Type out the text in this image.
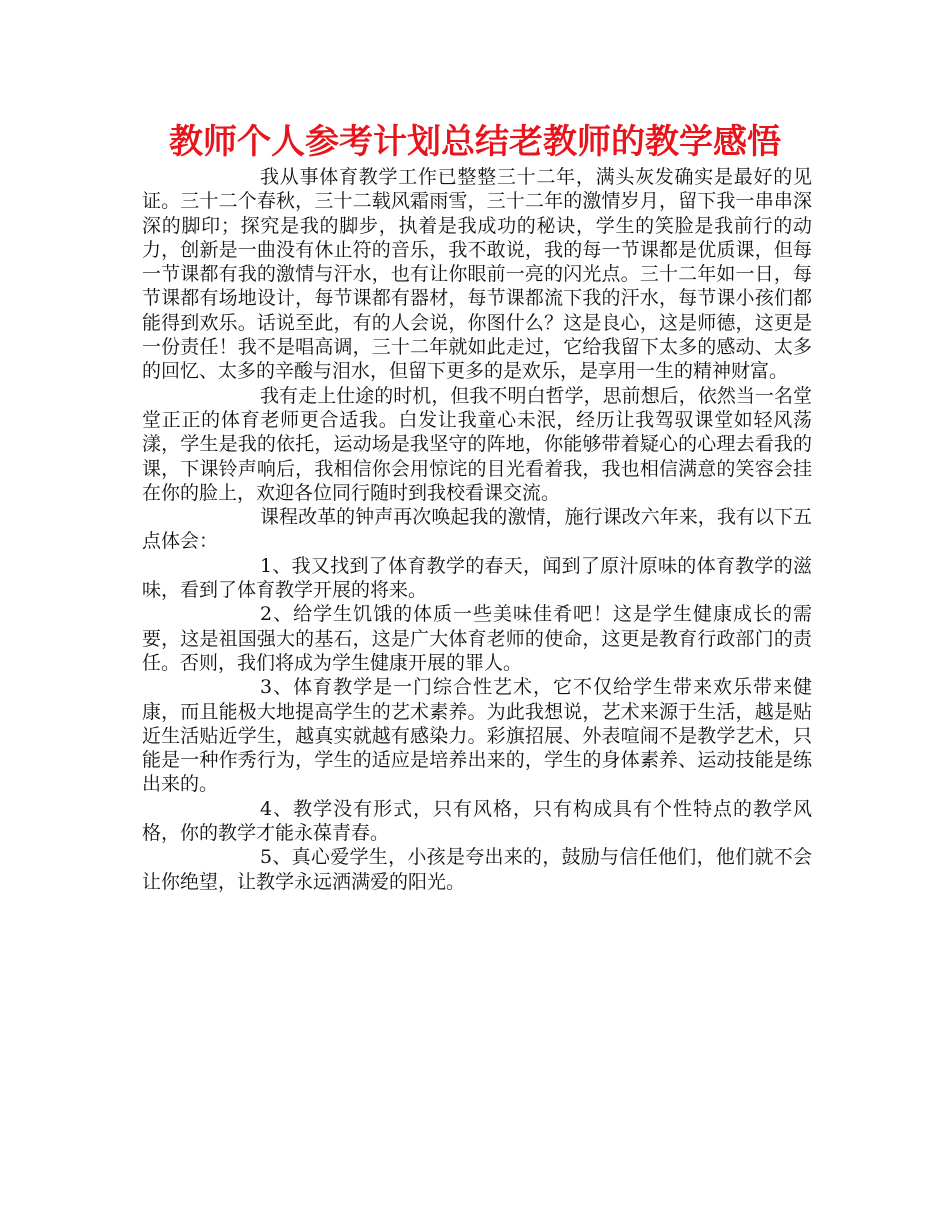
教师个人参考计划总结老教师的教学感悟

我从事体育教学工作已整整三十二年，满头灰发确实是最好的见证。三十二个春秋，三十二载风霜雨雪，三十二年的激情岁月，留下我一串串深深的脚印；探究是我的脚步，执着是我成功的秘诀，学生的笑脸是我前行的动力，创新是一曲没有休止符的音乐，我不敢说，我的每一节课都是优质课，但每一节课都有我的激情与汗水，也有让你眼前一亮的闪光点。三十二年如一日，每节课都有场地设计，每节课都有器材，每节课都流下我的汗水，每节课小孩们都能得到欢乐。话说至此，有的人会说，你图什么？这是良心，这是师德，这更是一份责任！我不是唱高调，三十二年就如此走过，它给我留下太多的感动、太多的回忆、太多的辛酸与泪水，但留下更多的是欢乐，是享用一生的精神财富。

我有走上仕途的时机，但我不明白哲学，思前想后，依然当一名堂堂正正的体育老师更合适我。白发让我童心未泯，经历让我驾驭课堂如轻风荡漾，学生是我的依托，运动场是我坚守的阵地，你能够带着疑心的心理去看我的课，下课铃声响后，我相信你会用惊诧的目光看着我，我也相信满意的笑容会挂在你的脸上，欢迎各位同行随时到我校看课交流。

课程改革的钟声再次唤起我的激情，施行课改六年来，我有以下五点体会：

1、我又找到了体育教学的春天，闻到了原汁原味的体育教学的滋味，看到了体育教学开展的将来。

2、给学生饥饿的体质一些美味佳肴吧！这是学生健康成长的需要，这是祖国强大的基石，这是广大体育老师的使命，这更是教育行政部门的责任。否则，我们将成为学生健康开展的罪人。

3、体育教学是一门综合性艺术，它不仅给学生带来欢乐带来健康，而且能极大地提高学生的艺术素养。为此我想说，艺术来源于生活，越是贴近生活贴近学生，越真实就越有感染力。彩旗招展、外表喧闹不是教学艺术，只能是一种作秀行为，学生的适应是培养出来的，学生的身体素养、运动技能是练出来的。

4、教学没有形式，只有风格，只有构成具有个性特点的教学风格，你的教学才能永葆青春。

5、真心爱学生，小孩是夸出来的，鼓励与信任他们，他们就不会让你绝望，让教学永远洒满爱的阳光。
